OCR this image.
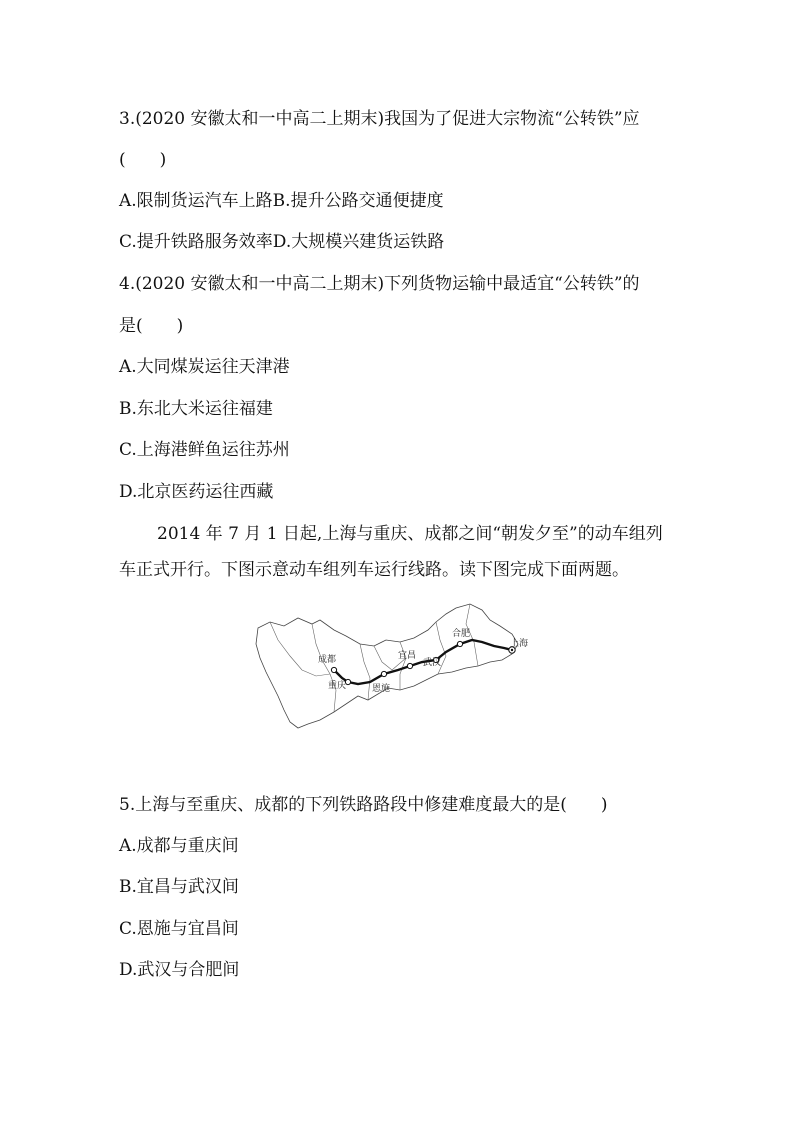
3.(2020 安徽太和一中高二上期末)我国为了促进大宗物流“公转铁”应
(　　)
A.限制货运汽车上路B.提升公路交通便捷度
C.提升铁路服务效率D.大规模兴建货运铁路
4.(2020 安徽太和一中高二上期末)下列货物运输中最适宜“公转铁”的
是(　　)
A.大同煤炭运往天津港
B.东北大米运往福建
C.上海港鲜鱼运往苏州
D.北京医药运往西藏
2014 年 7 月 1 日起,上海与重庆、成都之间“朝发夕至”的动车组列车正式开行。下图示意动车组列车运行线路。读下图完成下面两题。
成都
重庆	恩施
宜昌
武汉
合肥
上海
5.上海与至重庆、成都的下列铁路路段中修建难度最大的是(　　)
A.成都与重庆间
B.宜昌与武汉间
C.恩施与宜昌间
D.武汉与合肥间
